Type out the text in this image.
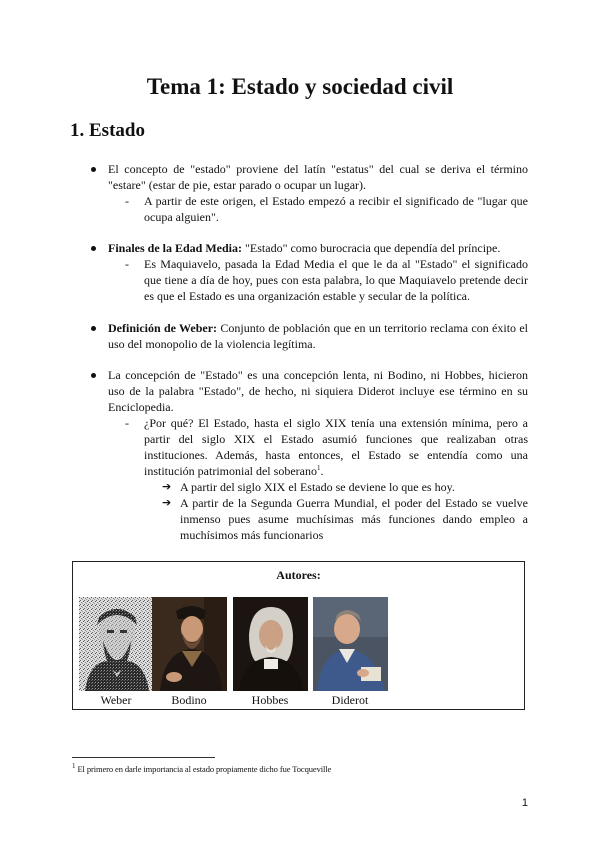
Tema 1: Estado y sociedad civil
1. Estado
El concepto de "estado" proviene del latín "estatus" del cual se deriva el término "estare" (estar de pie, estar parado o ocupar un lugar).
- A partir de este origen, el Estado empezó a recibir el significado de "lugar que ocupa alguien".
Finales de la Edad Media: "Estado" como burocracia que dependía del príncipe.
- Es Maquiavelo, pasada la Edad Media el que le da al "Estado" el significado que tiene a día de hoy, pues con esta palabra, lo que Maquiavelo pretende decir es que el Estado es una organización estable y secular de la política.
Definición de Weber: Conjunto de población que en un territorio reclama con éxito el uso del monopolio de la violencia legítima.
La concepción de "Estado" es una concepción lenta, ni Bodino, ni Hobbes, hicieron uso de la palabra "Estado", de hecho, ni siquiera Diderot incluye ese término en su Enciclopedia.
- ¿Por qué? El Estado, hasta el siglo XIX tenía una extensión mínima, pero a partir del siglo XIX el Estado asumió funciones que realizaban otras instituciones. Además, hasta entonces, el Estado se entendía como una institución patrimonial del soberano$^1$.
➔ A partir del siglo XIX el Estado se deviene lo que es hoy.
➔ A partir de la Segunda Guerra Mundial, el poder del Estado se vuelve inmenso pues asume muchísimas más funciones dando empleo a muchísimos más funcionarios
Autores:
Weber	Bodino	Hobbes	Diderot
$^1$ El primero en darle importancia al estado propiamente dicho fue Tocqueville
1
